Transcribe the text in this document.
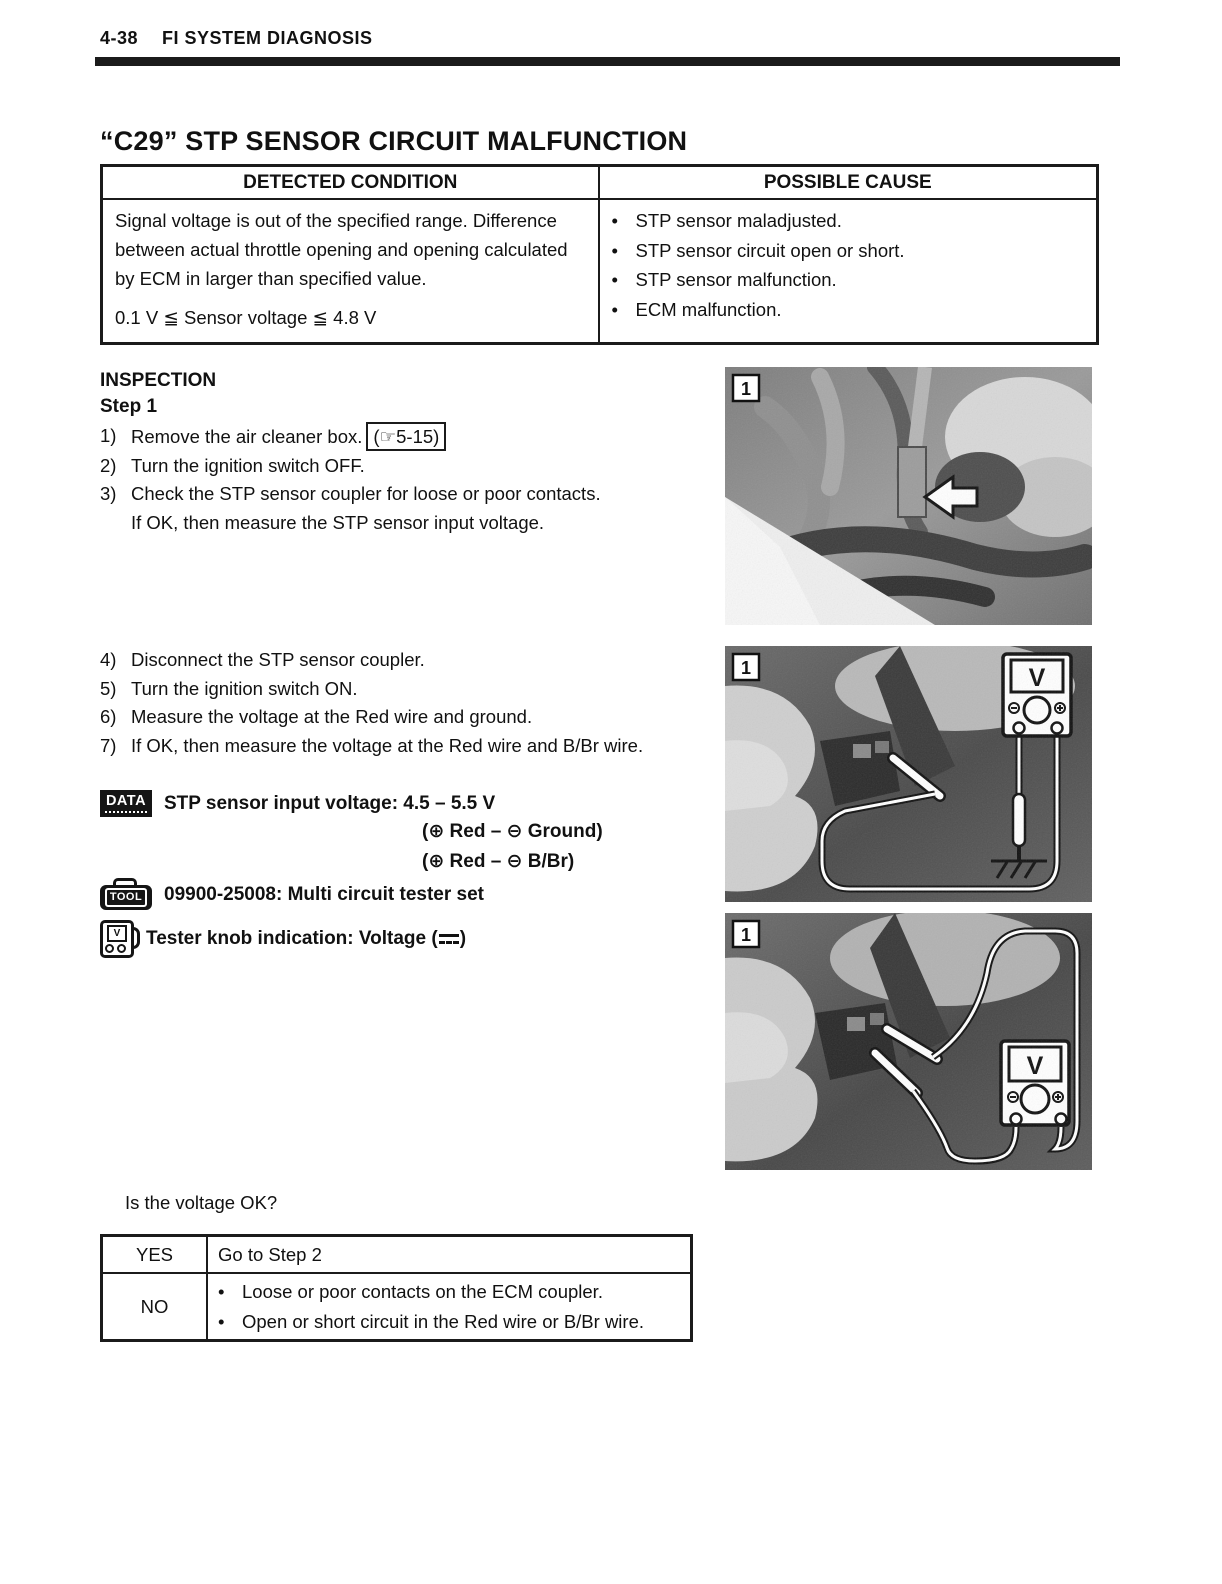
4-38 FI SYSTEM DIAGNOSIS
“C29” STP SENSOR CIRCUIT MALFUNCTION
DETECTED CONDITION	POSSIBLE CAUSE

Signal voltage is out of the specified range. Difference between actual throttle opening and opening calculated by ECM in larger than specified value.

0.1 V ≦ Sensor voltage ≦ 4.8 V

• STP sensor maladjusted.
• STP sensor circuit open or short.
• STP sensor malfunction.
• ECM malfunction.
INSPECTION
Step 1
1) Remove the air cleaner box. (☞5-15)
2) Turn the ignition switch OFF.
3) Check the STP sensor coupler for loose or poor contacts.
If OK, then measure the STP sensor input voltage.
4) Disconnect the STP sensor coupler.
5) Turn the ignition switch ON.
6) Measure the voltage at the Red wire and ground.
7) If OK, then measure the voltage at the Red wire and B/Br wire.
DATA STP sensor input voltage: 4.5 – 5.5 V
(⊕ Red – ⊖ Ground)
(⊕ Red – ⊖ B/Br)
TOOL 09900-25008: Multi circuit tester set
V	Tester knob indication: Voltage ( )
Is the voltage OK?
YES	Go to Step 2
NO
• Loose or poor contacts on the ECM coupler.
• Open or short circuit in the Red wire or B/Br wire.
1
V
1
V
1
